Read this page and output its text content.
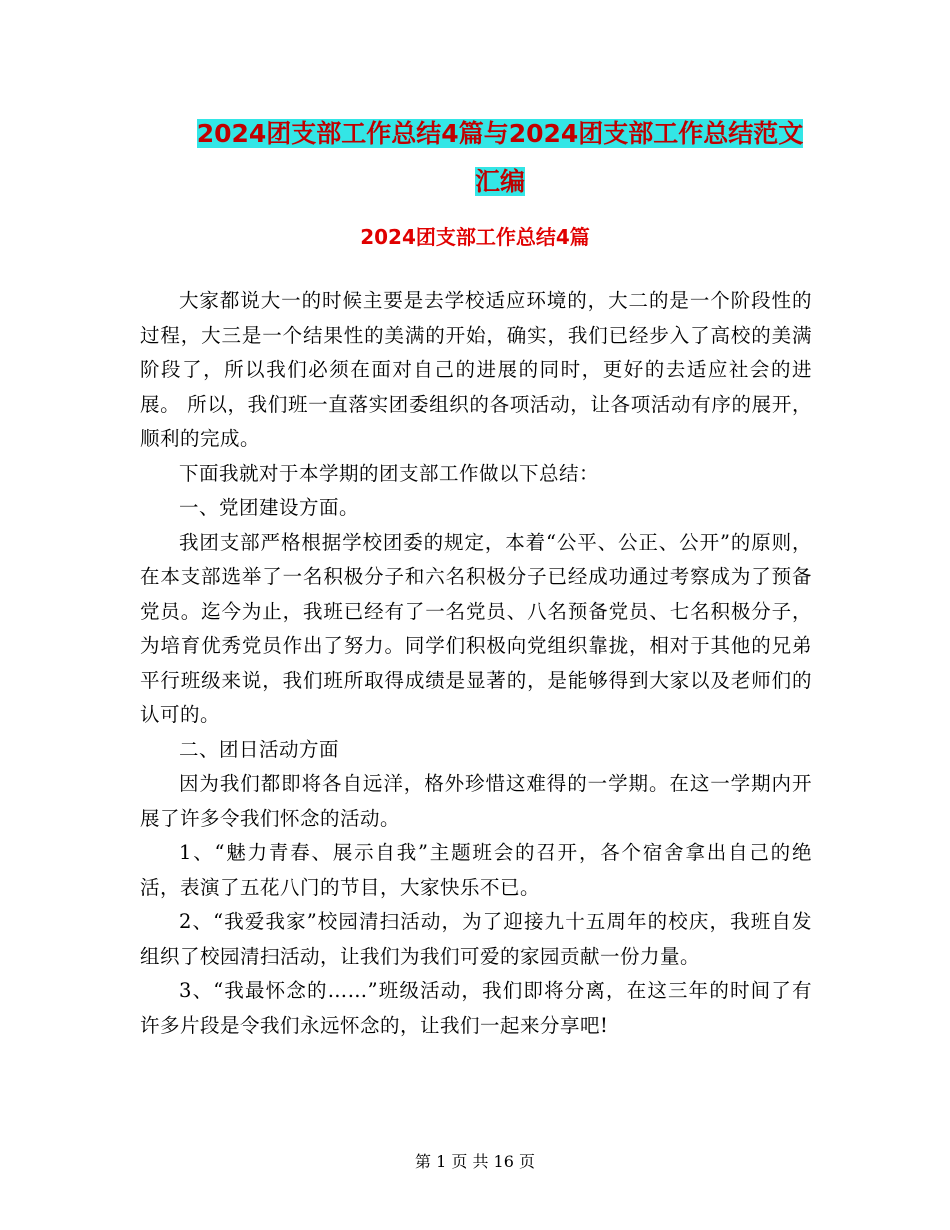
2024团支部工作总结4篇与2024团支部工作总结范文汇编
2024团支部工作总结4篇

大家都说大一的时候主要是去学校适应环境的，大二的是一个阶段性的过程，大三是一个结果性的美满的开始，确实，我们已经步入了高校的美满阶段了，所以我们必须在面对自己的进展的同时，更好的去适应社会的进展。 所以，我们班一直落实团委组织的各项活动，让各项活动有序的展开，顺利的完成。

下面我就对于本学期的团支部工作做以下总结：

一、党团建设方面。

我团支部严格根据学校团委的规定，本着“公平、公正、公开”的原则，在本支部选举了一名积极分子和六名积极分子已经成功通过考察成为了预备党员。迄今为止，我班已经有了一名党员、八名预备党员、七名积极分子，为培育优秀党员作出了努力。同学们积极向党组织靠拢，相对于其他的兄弟平行班级来说，我们班所取得成绩是显著的，是能够得到大家以及老师们的认可的。

二、团日活动方面

因为我们都即将各自远洋，格外珍惜这难得的一学期。在这一学期内开展了许多令我们怀念的活动。

1、“魅力青春、展示自我”主题班会的召开，各个宿舍拿出自己的绝活，表演了五花八门的节目，大家快乐不已。

2、“我爱我家”校园清扫活动，为了迎接九十五周年的校庆，我班自发组织了校园清扫活动，让我们为我们可爱的家园贡献一份力量。

3、“我最怀念的……”班级活动，我们即将分离，在这三年的时间了有许多片段是令我们永远怀念的，让我们一起来分享吧!

第 1 页 共 16 页
